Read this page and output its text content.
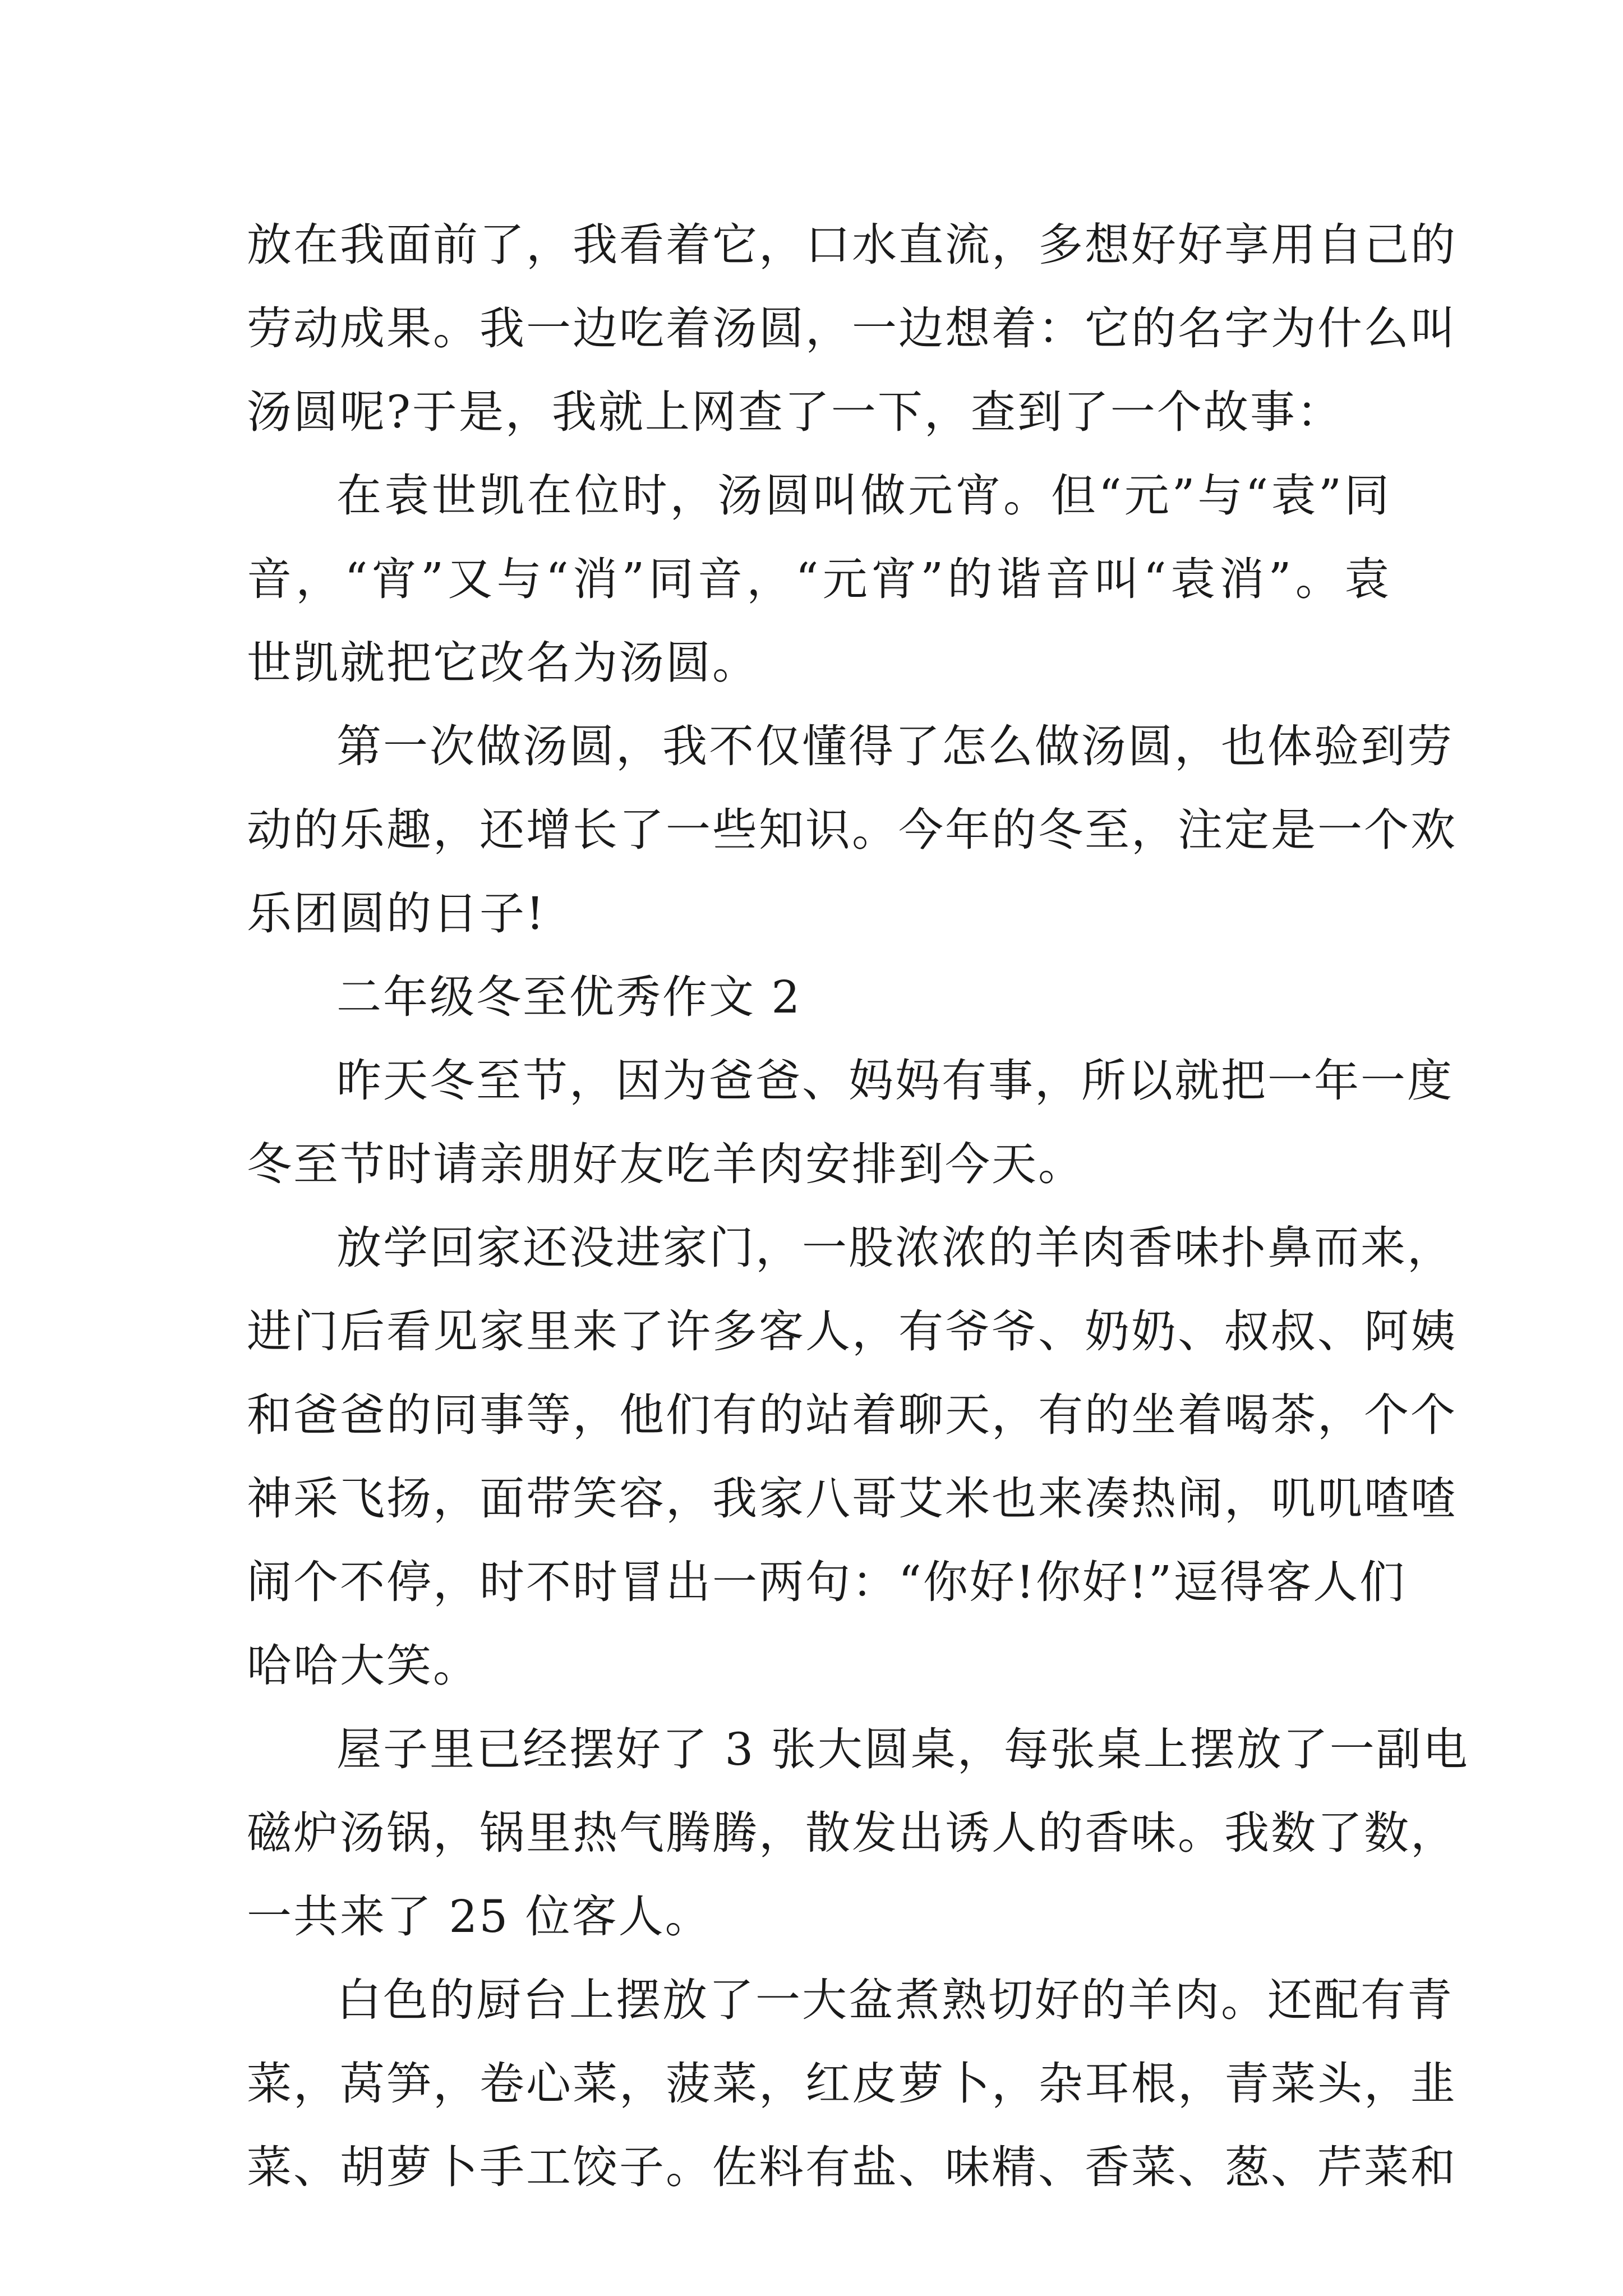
放在我面前了，我看着它，口水直流，多想好好享用自己的
劳动成果。我一边吃着汤圆，一边想着：它的名字为什么叫
汤圆呢?于是，我就上网查了一下，查到了一个故事：
在袁世凯在位时，汤圆叫做元宵。但“元”与“袁”同
音，“宵”又与“消”同音，“元宵”的谐音叫“袁消”。袁
世凯就把它改名为汤圆。
第一次做汤圆，我不仅懂得了怎么做汤圆，也体验到劳
动的乐趣，还增长了一些知识。今年的冬至，注定是一个欢
乐团圆的日子!
二年级冬至优秀作文 2
昨天冬至节，因为爸爸、妈妈有事，所以就把一年一度
冬至节时请亲朋好友吃羊肉安排到今天。
放学回家还没进家门，一股浓浓的羊肉香味扑鼻而来，
进门后看见家里来了许多客人，有爷爷、奶奶、叔叔、阿姨
和爸爸的同事等，他们有的站着聊天，有的坐着喝茶，个个
神采飞扬，面带笑容，我家八哥艾米也来凑热闹，叽叽喳喳
闹个不停，时不时冒出一两句：“你好!你好!”逗得客人们
哈哈大笑。
屋子里已经摆好了 3 张大圆桌，每张桌上摆放了一副电
磁炉汤锅，锅里热气腾腾，散发出诱人的香味。我数了数，
一共来了 25 位客人。
白色的厨台上摆放了一大盆煮熟切好的羊肉。还配有青
菜，莴笋，卷心菜，菠菜，红皮萝卜，杂耳根，青菜头，韭
菜、胡萝卜手工饺子。佐料有盐、味精、香菜、葱、芹菜和
